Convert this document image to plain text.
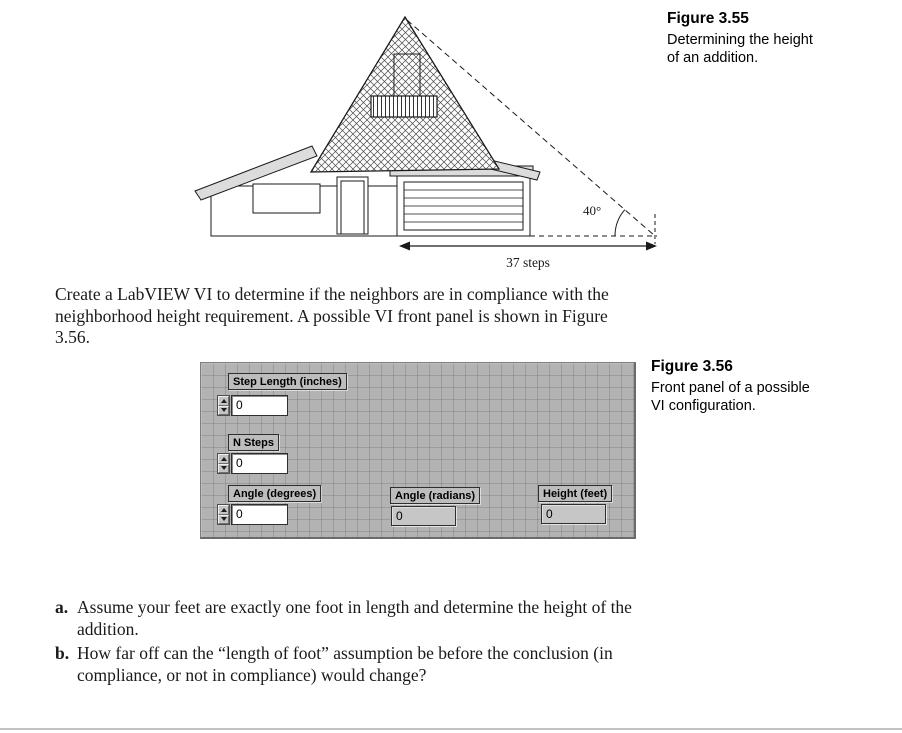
40°
37 steps
Figure 3.55
Determining the height
of an addition.

Create a LabVIEW VI to determine if the neighbors are in compliance with the neighborhood height requirement. A possible VI front panel is shown in Figure 3.56.

Step Length (inches)
0
N Steps
0
Angle (degrees)
0
Angle (radians)
0
Height (feet)
0
Figure 3.56
Front panel of a possible
VI configuration.
a. Assume your feet are exactly one foot in length and determine the height of the addition.
b. How far off can the “length of foot” assumption be before the conclusion (in compliance, or not in compliance) would change?
